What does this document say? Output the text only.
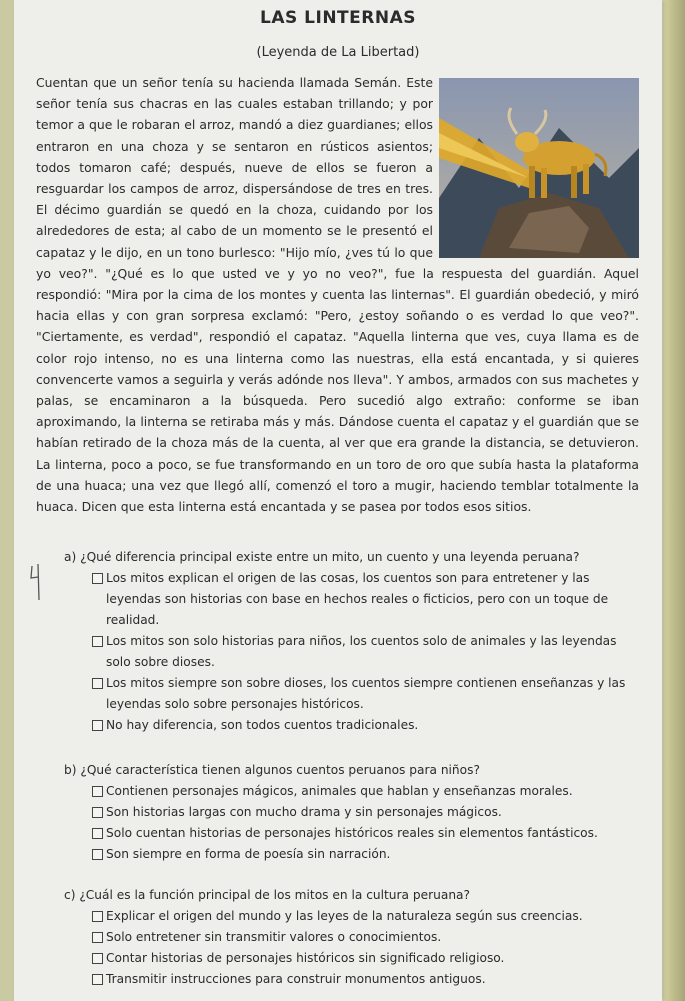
LAS LINTERNAS
(Leyenda de La Libertad)
Cuentan que un señor tenía su hacienda llamada Semán. Este señor tenía sus chacras en las cuales estaban trillando; y por temor a que le robaran el arroz, mandó a diez guardianes; ellos entraron en una choza y se sentaron en rústicos asientos; todos tomaron café; después, nueve de ellos se fueron a resguardar los campos de arroz, dispersándose de tres en tres. El décimo guardián se quedó en la choza, cuidando por los alrededores de esta; al cabo de un momento se le presentó el capataz y le dijo, en un tono burlesco: "Hijo mío, ¿ves tú lo que yo veo?". "¿Qué es lo que usted ve y yo no veo?", fue la respuesta del guardián. Aquel respondió: "Mira por la cima de los montes y cuenta las linternas". El guardián obedeció, y miró hacia ellas y con gran sorpresa exclamó: "Pero, ¿estoy soñando o es verdad lo que veo?". "Ciertamente, es verdad", respondió el capataz. "Aquella linterna que ves, cuya llama es de color rojo intenso, no es una linterna como las nuestras, ella está encantada, y si quieres convencerte vamos a seguirla y verás adónde nos lleva". Y ambos, armados con sus machetes y palas, se encaminaron a la búsqueda. Pero sucedió algo extraño: conforme se iban aproximando, la linterna se retiraba más y más. Dándose cuenta el capataz y el guardián que se habían retirado de la choza más de la cuenta, al ver que era grande la distancia, se detuvieron. La linterna, poco a poco, se fue transformando en un toro de oro que subía hasta la plataforma de una huaca; una vez que llegó allí, comenzó el toro a mugir, haciendo temblar totalmente la huaca. Dicen que esta linterna está encantada y se pasea por todos esos sitios.
a) ¿Qué diferencia principal existe entre un mito, un cuento y una leyenda peruana?
Los mitos explican el origen de las cosas, los cuentos son para entretener y las leyendas son historias con base en hechos reales o ficticios, pero con un toque de realidad.
Los mitos son solo historias para niños, los cuentos solo de animales y las leyendas solo sobre dioses.
Los mitos siempre son sobre dioses, los cuentos siempre contienen enseñanzas y las leyendas solo sobre personajes históricos.
No hay diferencia, son todos cuentos tradicionales.
b) ¿Qué característica tienen algunos cuentos peruanos para niños?
Contienen personajes mágicos, animales que hablan y enseñanzas morales.
Son historias largas con mucho drama y sin personajes mágicos.
Solo cuentan historias de personajes históricos reales sin elementos fantásticos.
Son siempre en forma de poesía sin narración.
c) ¿Cuál es la función principal de los mitos en la cultura peruana?
Explicar el origen del mundo y las leyes de la naturaleza según sus creencias.
Solo entretener sin transmitir valores o conocimientos.
Contar historias de personajes históricos sin significado religioso.
Transmitir instrucciones para construir monumentos antiguos.
